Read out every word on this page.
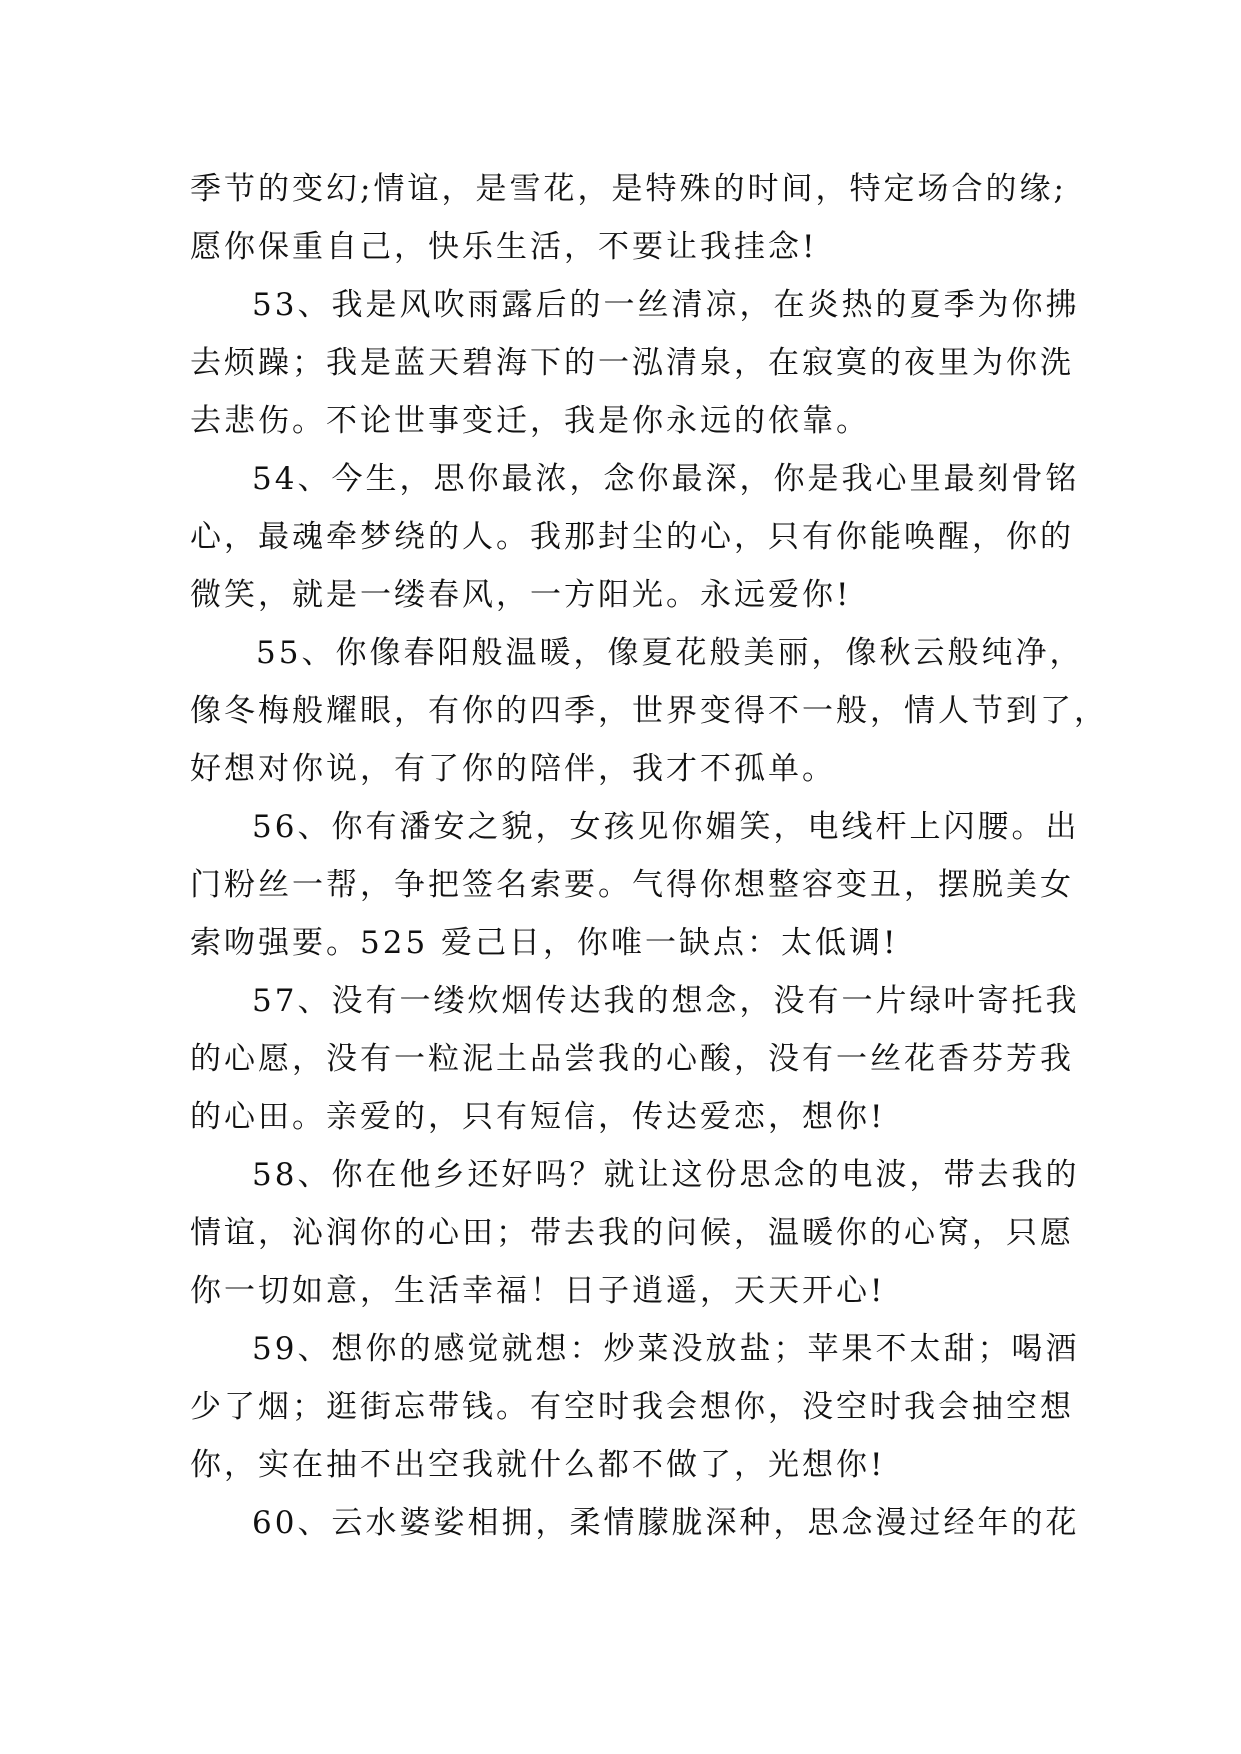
季节的变幻;情谊，是雪花，是特殊的时间，特定场合的缘;
愿你保重自己，快乐生活，不要让我挂念!
53、我是风吹雨露后的一丝清凉，在炎热的夏季为你拂
去烦躁；我是蓝天碧海下的一泓清泉，在寂寞的夜里为你洗
去悲伤。不论世事变迁，我是你永远的依靠。
54、今生，思你最浓，念你最深，你是我心里最刻骨铭
心，最魂牵梦绕的人。我那封尘的心，只有你能唤醒，你的
微笑，就是一缕春风，一方阳光。永远爱你!
55、你像春阳般温暖，像夏花般美丽，像秋云般纯净，
像冬梅般耀眼，有你的四季，世界变得不一般，情人节到了，
好想对你说，有了你的陪伴，我才不孤单。
56、你有潘安之貌，女孩见你媚笑，电线杆上闪腰。出
门粉丝一帮，争把签名索要。气得你想整容变丑，摆脱美女
索吻强要。525 爱己日，你唯一缺点：太低调!
57、没有一缕炊烟传达我的想念，没有一片绿叶寄托我
的心愿，没有一粒泥土品尝我的心酸，没有一丝花香芬芳我
的心田。亲爱的，只有短信，传达爱恋，想你!
58、你在他乡还好吗？就让这份思念的电波，带去我的
情谊，沁润你的心田；带去我的问候，温暖你的心窝，只愿
你一切如意，生活幸福！日子逍遥，天天开心!
59、想你的感觉就想：炒菜没放盐；苹果不太甜；喝酒
少了烟；逛街忘带钱。有空时我会想你，没空时我会抽空想
你，实在抽不出空我就什么都不做了，光想你!
60、云水婆娑相拥，柔情朦胧深种，思念漫过经年的花
